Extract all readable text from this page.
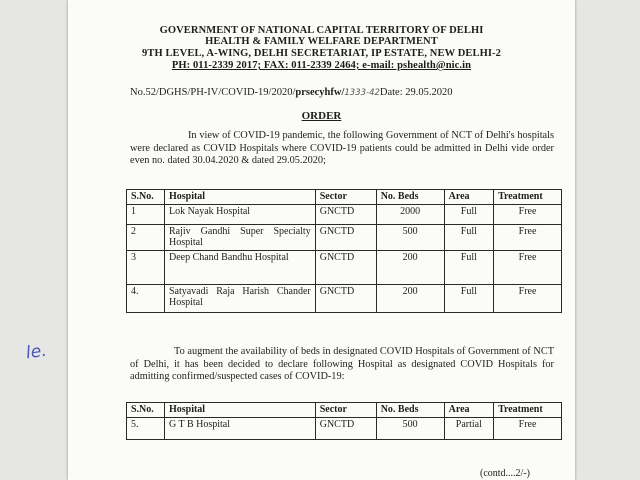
GOVERNMENT OF NATIONAL CAPITAL TERRITORY OF DELHI
HEALTH & FAMILY WELFARE DEPARTMENT
9TH LEVEL, A-WING, DELHI SECRETARIAT, IP ESTATE, NEW DELHI-2
PH: 011-2339 2017; FAX: 011-2339 2464; e-mail: pshealth@nic.in
No.52/DGHS/PH-IV/COVID-19/2020/prsecyhfw/1333-42Date: 29.05.2020
ORDER
In view of COVID-19 pandemic, the following Government of NCT of Delhi's hospitals were declared as COVID Hospitals where COVID-19 patients could be admitted in Delhi vide order even no. dated 30.04.2020 & dated 29.05.2020;
S.No.	Hospital	Sector	No. Beds	Area	Treatment
1	Lok Nayak Hospital	GNCTD	2000	Full	Free
2	Rajiv Gandhi Super Specialty Hospital	GNCTD	500	Full	Free
3	Deep Chand Bandhu Hospital	GNCTD	200	Full	Free
4.	Satyavadi Raja Harish Chander Hospital	GNCTD	200	Full	Free
To augment the availability of beds in designated COVID Hospitals of Government of NCT of Delhi, it has been decided to declare following Hospital as designated COVID Hospitals for admitting confirmed/suspected cases of COVID-19:
S.No.	Hospital	Sector	No. Beds	Area	Treatment
5.	G T B Hospital	GNCTD	500	Partial	Free
(contd....2/-)
le.
